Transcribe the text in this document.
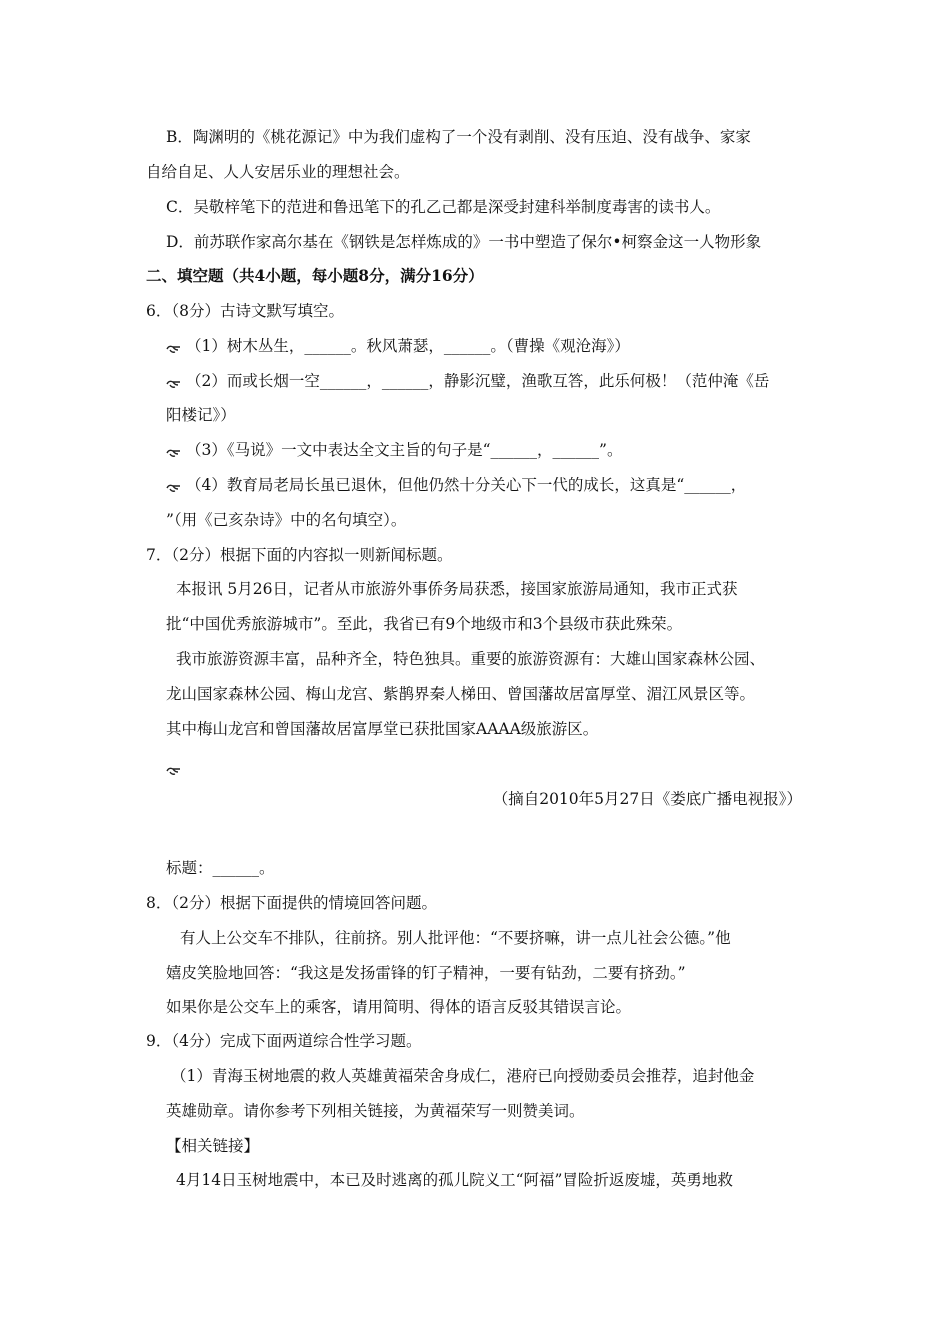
B．陶渊明的《桃花源记》中为我们虚构了一个没有剥削、没有压迫、没有战争、家家
自给自足、人人安居乐业的理想社会。
C．吴敬梓笔下的范进和鲁迅笔下的孔乙己都是深受封建科举制度毒害的读书人。
D．前苏联作家高尔基在《钢铁是怎样炼成的》一书中塑造了保尔•柯察金这一人物形象
二、填空题（共4小题，每小题8分，满分16分）
6．（8分）古诗文默写填空。
（1）树木丛生，______。秋风萧瑟，______。（曹操《观沧海》）
（2）而或长烟一空______，______，静影沉璧，渔歌互答，此乐何极！（范仲淹《岳
阳楼记》）
（3）《马说》一文中表达全文主旨的句子是“______，______”。
（4）教育局老局长虽已退休，但他仍然十分关心下一代的成长，这真是“______，
”（用《己亥杂诗》中的名句填空）。
7．（2分）根据下面的内容拟一则新闻标题。
本报讯 5月26日，记者从市旅游外事侨务局获悉，接国家旅游局通知，我市正式获
批“中国优秀旅游城市”。至此，我省已有9个地级市和3个县级市获此殊荣。
我市旅游资源丰富，品种齐全，特色独具。重要的旅游资源有：大雄山国家森林公园、
龙山国家森林公园、梅山龙宫、紫鹊界秦人梯田、曾国藩故居富厚堂、湄江风景区等。
其中梅山龙宫和曾国藩故居富厚堂已获批国家AAAA级旅游区。
（摘自2010年5月27日《娄底广播电视报》）
标题：______。
8．（2分）根据下面提供的情境回答问题。
有人上公交车不排队，往前挤。别人批评他：“不要挤嘛，讲一点儿社会公德。”他
嬉皮笑脸地回答：“我这是发扬雷锋的钉子精神，一要有钻劲，二要有挤劲。”
如果你是公交车上的乘客，请用简明、得体的语言反驳其错误言论。
9．（4分）完成下面两道综合性学习题。
（1）青海玉树地震的救人英雄黄福荣舍身成仁，港府已向授勋委员会推荐，追封他金
英雄勋章。请你参考下列相关链接，为黄福荣写一则赞美词。
【相关链接】
4月14日玉树地震中，本已及时逃离的孤儿院义工“阿福”冒险折返废墟，英勇地救
